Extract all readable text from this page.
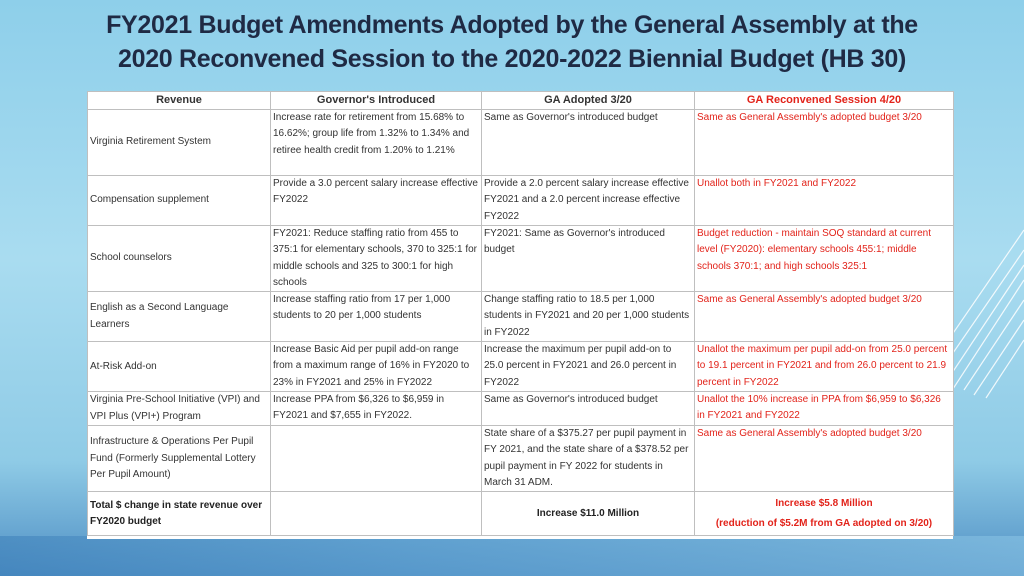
FY2021 Budget Amendments Adopted by the General Assembly at the
2020 Reconvened Session to the 2020-2022 Biennial Budget (HB 30)
Revenue	Governor's Introduced	GA Adopted 3/20	GA Reconvened Session 4/20
Virginia Retirement System	Increase rate for retirement from 15.68% to 16.62%; group life from 1.32% to 1.34% and retiree health credit from 1.20% to 1.21%	Same as Governor's introduced budget	Same as General Assembly's adopted budget 3/20
Compensation supplement	Provide a 3.0 percent salary increase effective FY2022	Provide a 2.0 percent salary increase effective FY2021 and a 2.0 percent increase effective FY2022	Unallot both in FY2021 and FY2022
School counselors	FY2021: Reduce staffing ratio from 455 to 375:1 for elementary schools, 370 to 325:1 for middle schools and 325 to 300:1 for high schools	FY2021: Same as Governor's introduced budget	Budget reduction - maintain SOQ standard at current level (FY2020): elementary schools 455:1; middle schools 370:1; and high schools 325:1
English as a Second Language Learners	Increase staffing ratio from 17 per 1,000 students to 20 per 1,000 students	Change staffing ratio to 18.5 per 1,000 students in FY2021 and 20 per 1,000 students in FY2022	Same as General Assembly's adopted budget 3/20
At-Risk Add-on	Increase Basic Aid per pupil add-on range from a maximum range of 16% in FY2020 to 23% in FY2021 and 25% in FY2022	Increase the maximum per pupil add-on to 25.0 percent in FY2021 and 26.0 percent in FY2022	Unallot the maximum per pupil add-on from 25.0 percent to 19.1 percent in FY2021 and from 26.0 percent to 21.9 percent in FY2022
Virginia Pre-School Initiative (VPI) and VPI Plus (VPI+) Program	Increase PPA from $6,326 to $6,959 in FY2021 and $7,655 in FY2022.	Same as Governor's introduced budget	Unallot the 10% increase in PPA from $6,959 to $6,326 in FY2021 and FY2022
Infrastructure & Operations Per Pupil Fund (Formerly Supplemental Lottery Per Pupil Amount)		State share of a $375.27 per pupil payment in FY 2021, and the state share of a $378.52 per pupil payment in FY 2022 for students in March 31 ADM.	Same as General Assembly's adopted budget 3/20
Total $ change in state revenue over FY2020 budget		Increase $11.0 Million	Increase $5.8 Million
(reduction of $5.2M from GA adopted on 3/20)
